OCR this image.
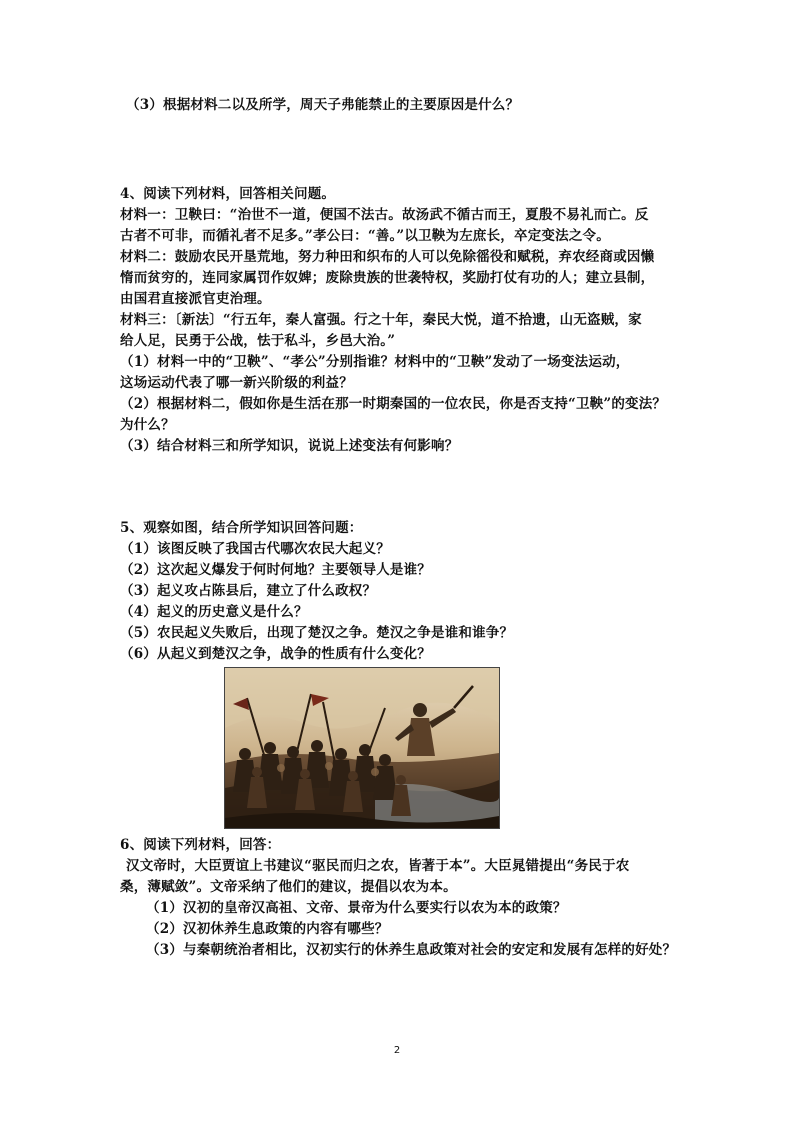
（3）根据材料二以及所学，周天子弗能禁止的主要原因是什么？
4、阅读下列材料，回答相关问题。
材料一：卫鞅曰：“治世不一道，便国不法古。故汤武不循古而王，夏殷不易礼而亡。反
古者不可非，而循礼者不足多。”孝公曰：“善。”以卫鞅为左庶长，卒定变法之令。
材料二：鼓励农民开垦荒地，努力种田和织布的人可以免除徭役和赋税，弃农经商或因懒
惰而贫穷的，连同家属罚作奴婢；废除贵族的世袭特权，奖励打仗有功的人；建立县制，
由国君直接派官吏治理。
材料三：〔新法〕“行五年，秦人富强。行之十年，秦民大悦，道不拾遗，山无盗贼，家
给人足，民勇于公战，怯于私斗，乡邑大治。”
（1）材料一中的“卫鞅”、“孝公”分别指谁？材料中的“卫鞅”发动了一场变法运动，
这场运动代表了哪一新兴阶级的利益？
（2）根据材料二，假如你是生活在那一时期秦国的一位农民，你是否支持“卫鞅”的变法？
为什么？
（3）结合材料三和所学知识，说说上述变法有何影响？
5、观察如图，结合所学知识回答问题：
（1）该图反映了我国古代哪次农民大起义？
（2）这次起义爆发于何时何地？主要领导人是谁？
（3）起义攻占陈县后，建立了什么政权？
（4）起义的历史意义是什么？
（5）农民起义失败后，出现了楚汉之争。楚汉之争是谁和谁争？
（6）从起义到楚汉之争，战争的性质有什么变化？
6、阅读下列材料，回答：
汉文帝时，大臣贾谊上书建议“驱民而归之农，皆著于本”。大臣晁错提出“务民于农
桑，薄赋敛”。文帝采纳了他们的建议，提倡以农为本。
（1）汉初的皇帝汉高祖、文帝、景帝为什么要实行以农为本的政策？
（2）汉初休养生息政策的内容有哪些？
（3）与秦朝统治者相比，汉初实行的休养生息政策对社会的安定和发展有怎样的好处？
2
